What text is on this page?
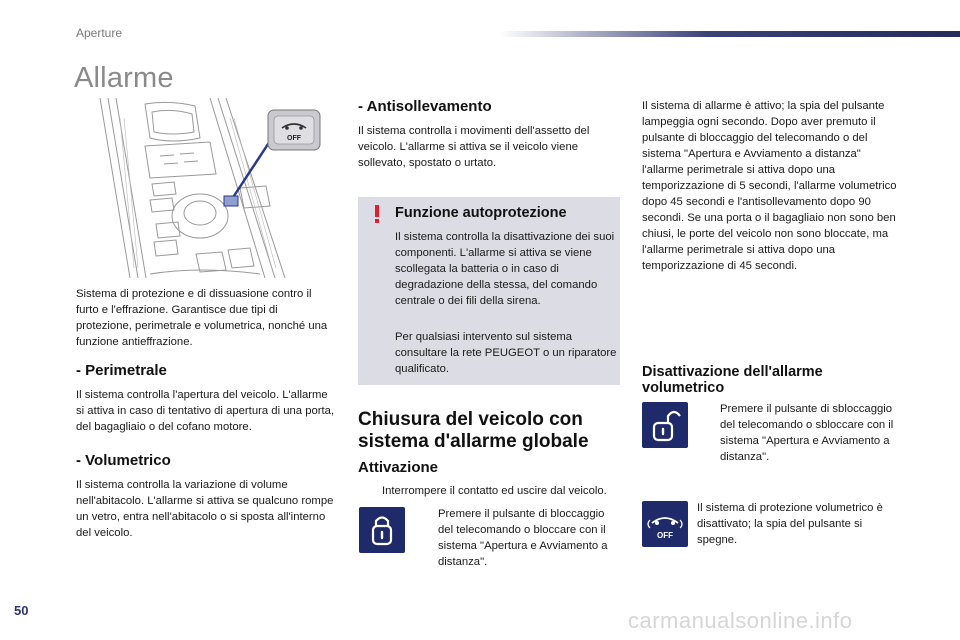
Aperture
Allarme
OFF

Sistema di protezione e di dissuasione contro il furto e l'effrazione. Garantisce due tipi di protezione, perimetrale e volumetrica, nonché una funzione antieffrazione.

- Perimetrale

Il sistema controlla l'apertura del veicolo. L'allarme si attiva in caso di tentativo di apertura di una porta, del bagagliaio o del cofano motore.

- Volumetrico

Il sistema controlla la variazione di volume nell'abitacolo. L'allarme si attiva se qualcuno rompe un vetro, entra nell'abitacolo o si sposta all'interno del veicolo.

- Antisollevamento

Il sistema controlla i movimenti dell'assetto del veicolo. L'allarme si attiva se il veicolo viene sollevato, spostato o urtato.

Funzione autoprotezione

Il sistema controlla la disattivazione dei suoi componenti. L'allarme si attiva se viene scollegata la batteria o in caso di degradazione della stessa, del comando centrale o dei fili della sirena.

Per qualsiasi intervento sul sistema consultare la rete PEUGEOT o un riparatore qualificato.

Chiusura del veicolo con sistema d'allarme globale
Attivazione
Interrompere il contatto ed uscire dal veicolo.
Premere il pulsante di bloccaggio del telecomando o bloccare con il sistema "Apertura e Avviamento a distanza".

Il sistema di allarme è attivo; la spia del pulsante lampeggia ogni secondo. Dopo aver premuto il pulsante di bloccaggio del telecomando o del sistema "Apertura e Avviamento a distanza" l'allarme perimetrale si attiva dopo una temporizzazione di 5 secondi, l'allarme volumetrico dopo 45 secondi e l'antisollevamento dopo 90 secondi. Se una porta o il bagagliaio non sono ben chiusi, le porte del veicolo non sono bloccate, ma l'allarme perimetrale si attiva dopo una temporizzazione di 45 secondi.

Disattivazione dell'allarme volumetrico
Premere il pulsante di sbloccaggio del telecomando o sbloccare con il sistema "Apertura e Avviamento a distanza".
OFF

Il sistema di protezione volumetrico è disattivato; la spia del pulsante si spegne.

50	carmanualsonline.info
